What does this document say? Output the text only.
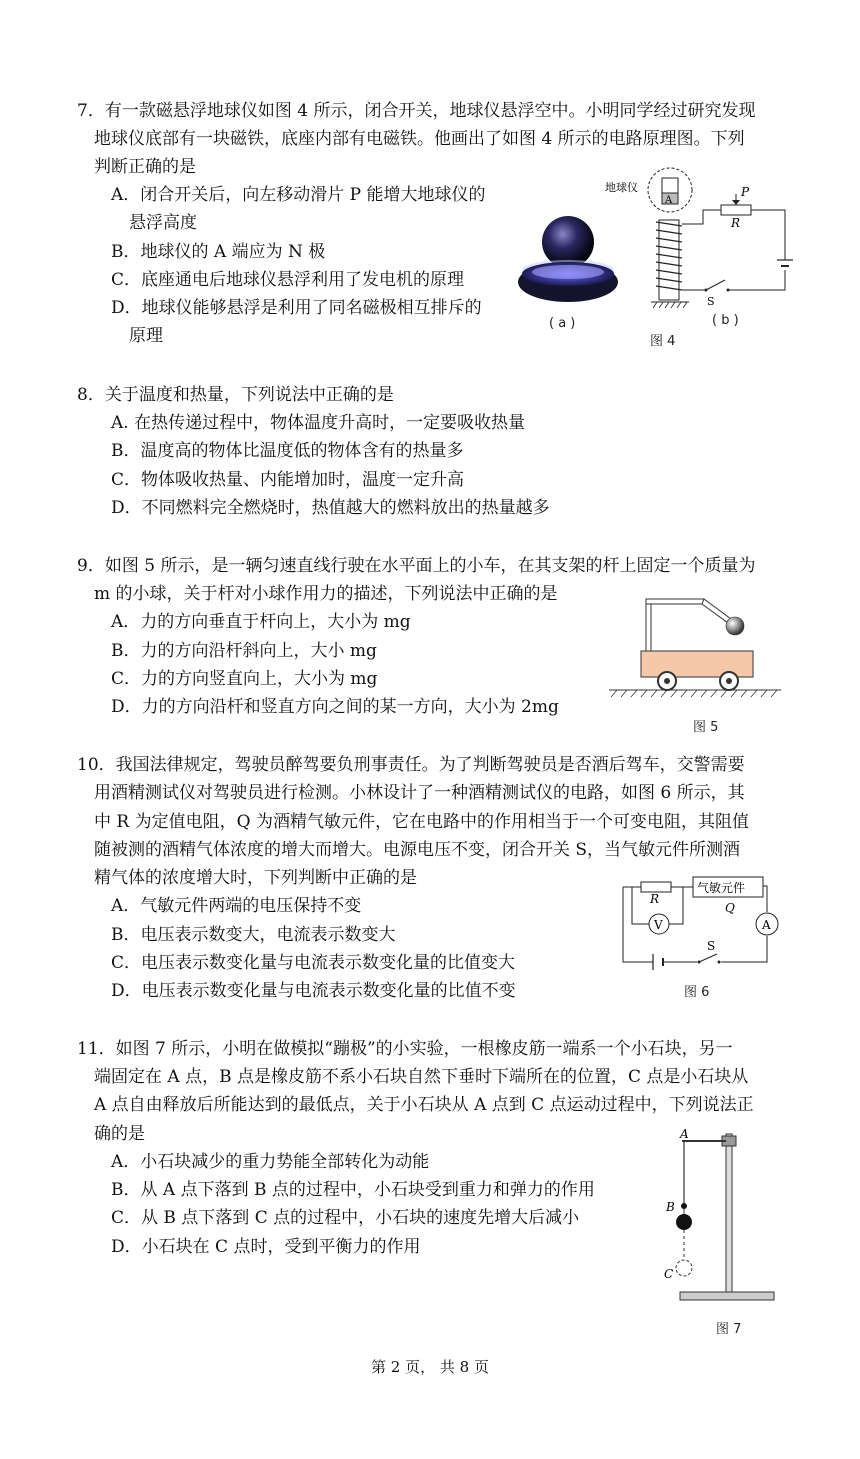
7．有一款磁悬浮地球仪如图 4 所示，闭合开关，地球仪悬浮空中。小明同学经过研究发现
地球仪底部有一块磁铁，底座内部有电磁铁。他画出了如图 4 所示的电路原理图。下列
判断正确的是
A．闭合开关后，向左移动滑片 P 能增大地球仪的
悬浮高度
B．地球仪的 A 端应为 N 极
C．底座通电后地球仪悬浮利用了发电机的原理
D．地球仪能够悬浮是利用了同名磁极相互排斥的
原理
( a )
A
地球仪	P
R
S
( b )
图 4
8．关于温度和热量，下列说法中正确的是
A. 在热传递过程中，物体温度升高时，一定要吸收热量
B．温度高的物体比温度低的物体含有的热量多
C．物体吸收热量、内能增加时，温度一定升高
D．不同燃料完全燃烧时，热值越大的燃料放出的热量越多
9．如图 5 所示，是一辆匀速直线行驶在水平面上的小车，在其支架的杆上固定一个质量为
m 的小球，关于杆对小球作用力的描述，下列说法中正确的是
A．力的方向垂直于杆向上，大小为 mg
B．力的方向沿杆斜向上，大小 mg
C．力的方向竖直向上，大小为 mg
D．力的方向沿杆和竖直方向之间的某一方向，大小为 2mg
图 5
10．我国法律规定，驾驶员醉驾要负刑事责任。为了判断驾驶员是否酒后驾车，交警需要
用酒精测试仪对驾驶员进行检测。小林设计了一种酒精测试仪的电路，如图 6 所示，其
中 R 为定值电阻，Q 为酒精气敏元件，它在电路中的作用相当于一个可变电阻，其阻值
随被测的酒精气体浓度的增大而增大。电源电压不变，闭合开关 S，当气敏元件所测酒
精气体的浓度增大时，下列判断中正确的是
A．气敏元件两端的电压保持不变
B．电压表示数变大，电流表示数变大
C．电压表示数变化量与电流表示数变化量的比值变大
D．电压表示数变化量与电流表示数变化量的比值不变
气敏元件
R
Q
V	A
S
图 6
11．如图 7 所示，小明在做模拟“蹦极”的小实验，一根橡皮筋一端系一个小石块，另一
端固定在 A 点，B 点是橡皮筋不系小石块自然下垂时下端所在的位置，C 点是小石块从
A 点自由释放后所能达到的最低点，关于小石块从 A 点到 C 点运动过程中，下列说法正
确的是
A．小石块减少的重力势能全部转化为动能
B．从 A 点下落到 B 点的过程中，小石块受到重力和弹力的作用
C．从 B 点下落到 C 点的过程中，小石块的速度先增大后减小
D．小石块在 C 点时，受到平衡力的作用
A
B
C
图 7
第 2 页， 共 8 页
